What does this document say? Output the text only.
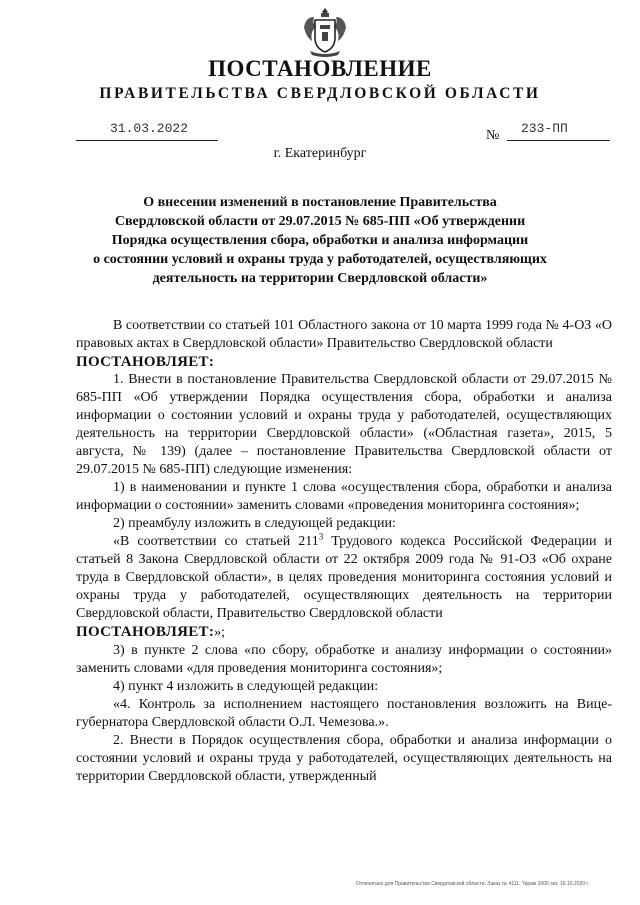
ПОСТАНОВЛЕНИЕ
ПРАВИТЕЛЬСТВА СВЕРДЛОВСКОЙ ОБЛАСТИ
31.03.2022	№ 233-ПП
г. Екатеринбург
О внесении изменений в постановление Правительства
Свердловской области от 29.07.2015 № 685-ПП «Об утверждении
Порядка осуществления сбора, обработки и анализа информации
о состоянии условий и охраны труда у работодателей, осуществляющих
деятельность на территории Свердловской области»

В соответствии со статьей 101 Областного закона от 10 марта 1999 года № 4-ОЗ «О правовых актах в Свердловской области» Правительство Свердловской области

ПОСТАНОВЛЯЕТ:

1. Внести в постановление Правительства Свердловской области от 29.07.2015 № 685-ПП «Об утверждении Порядка осуществления сбора, обработки и анализа информации о состоянии условий и охраны труда у работодателей, осуществляющих деятельность на территории Свердловской области» («Областная газета», 2015, 5 августа, № 139) (далее – постановление Правительства Свердловской области от 29.07.2015 № 685-ПП) следующие изменения:

1) в наименовании и пункте 1 слова «осуществления сбора, обработки и анализа информации о состоянии» заменить словами «проведения мониторинга состояния»;

2) преамбулу изложить в следующей редакции:

«В соответствии со статьей $211^3$ Трудового кодекса Российской Федерации и статьей 8 Закона Свердловской области от 22 октября 2009 года № 91-ОЗ «Об охране труда в Свердловской области», в целях проведения мониторинга состояния условий и охраны труда у работодателей, осуществляющих деятельность на территории Свердловской области, Правительство Свердловской области

ПОСТАНОВЛЯЕТ:»;

3) в пункте 2 слова «по сбору, обработке и анализу информации о состоянии» заменить словами «для проведения мониторинга состояния»;

4) пункт 4 изложить в следующей редакции:

«4. Контроль за исполнением настоящего постановления возложить на Вице-губернатора Свердловской области О.Л. Чемезова.».

2. Внести в Порядок осуществления сбора, обработки и анализа информации о состоянии условий и охраны труда у работодателей, осуществляющих деятельность на территории Свердловской области, утвержденный

Отпечатано для Правительства Свердловской области. Заказ № 4111. Тираж 1000 экз. 16.10.2020 г.
